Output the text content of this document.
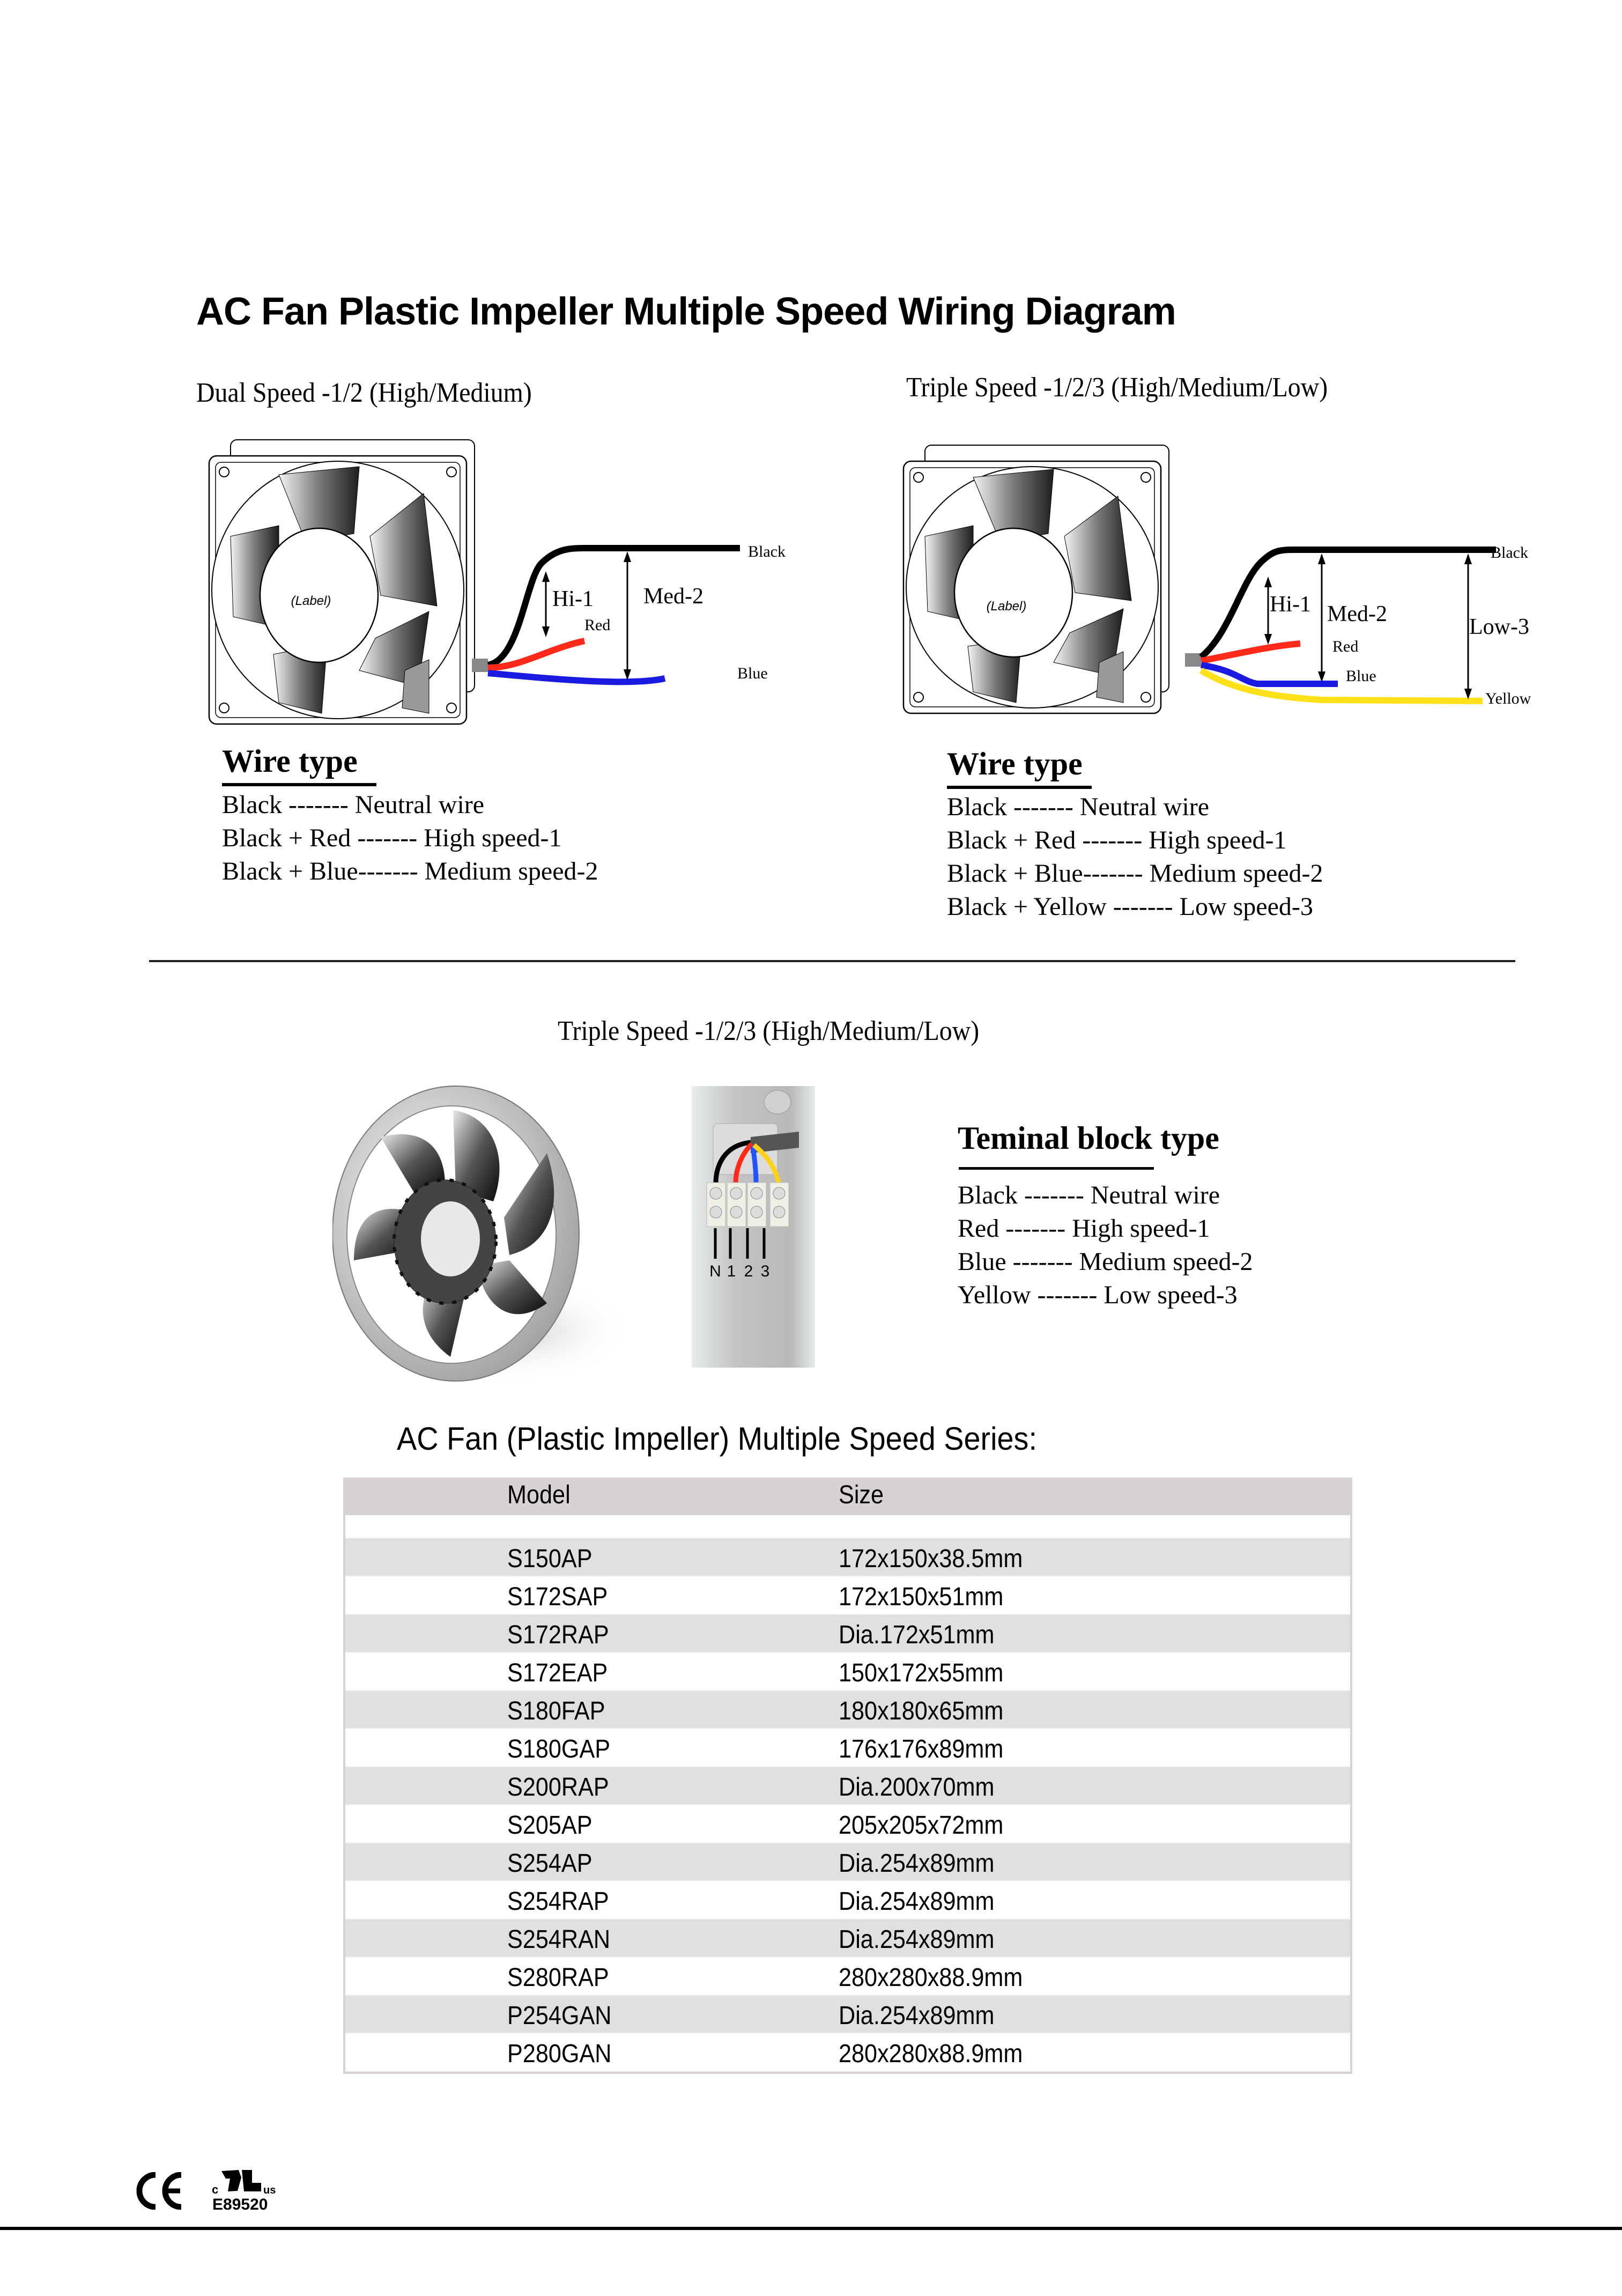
AC Fan Plastic Impeller Multiple Speed Wiring Diagram
Dual Speed -1/2 (High/Medium)
(Label)	Hi-1 Med-2
Black
Red
Blue
Wire type
Black ------- Neutral wire
Black + Red ------- High speed-1
Black + Blue------- Medium speed-2
Triple Speed -1/2/3 (High/Medium/Low)
(Label)	Hi-1 Med-2
Low-3
Black
Red
Blue
Yellow
Wire type
Black ------- Neutral wire
Black + Red ------- High speed-1
Black + Blue------- Medium speed-2
Black + Yellow ------- Low speed-3
Triple Speed -1/2/3 (High/Medium/Low)
N 1 2 3
Teminal block type
Black ------- Neutral wire
Red ------- High speed-1
Blue ------- Medium speed-2
Yellow ------- Low speed-3
AC Fan (Plastic Impeller) Multiple Speed Series:
Model	Size
S150AP	172x150x38.5mm
S172SAP	172x150x51mm
S172RAP	Dia.172x51mm
S172EAP	150x172x55mm
S180FAP	180x180x65mm
S180GAP	176x176x89mm
S200RAP	Dia.200x70mm
S205AP	205x205x72mm
S254AP	Dia.254x89mm
S254RAP	Dia.254x89mm
S254RAN	Dia.254x89mm
S280RAP	280x280x88.9mm
P254GAN	Dia.254x89mm
P280GAN	280x280x88.9mm
c	us
E89520
